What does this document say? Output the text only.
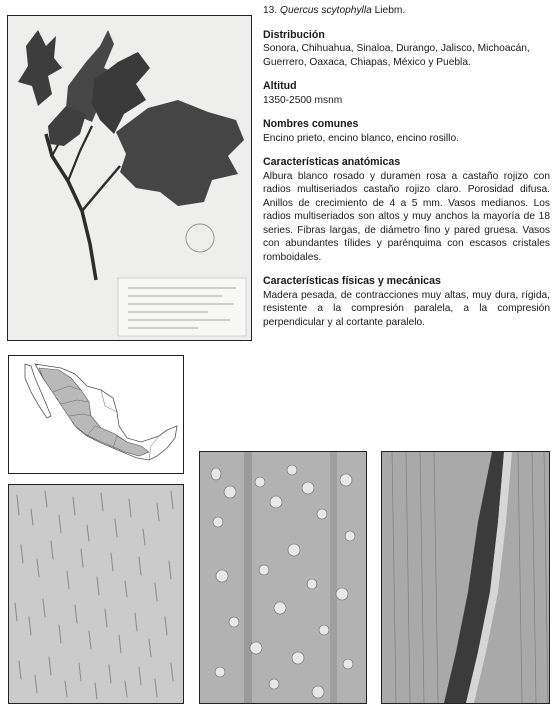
13. Quercus scytophylla Liebm.

Distribución

Sonora, Chihuahua, Sinaloa, Durango, Jalisco, Michoacán, Guerrero, Oaxaca, Chiapas, México y Puebla.

Altitud

1350-2500 msnm

Nombres comunes

Encino prieto, encino blanco, encino rosillo.

Características anatómicas

Albura blanco rosado y duramen rosa a castaño rojizo con radios multiseriados castaño rojizo claro. Porosidad difusa. Anillos de crecimiento de 4 a 5 mm. Vasos medianos. Los radios multiseriados son altos y muy anchos la mayoría de 18 series. Fibras largas, de diámetro fino y pared gruesa. Vasos con abundantes tílides y parénquima con escasos cristales romboidales.

Características físicas y mecánicas

Madera pesada, de contracciones muy altas, muy dura, rígida, resistente a la compresión paralela, a la compresión perpendicular y al cortante paralelo.
